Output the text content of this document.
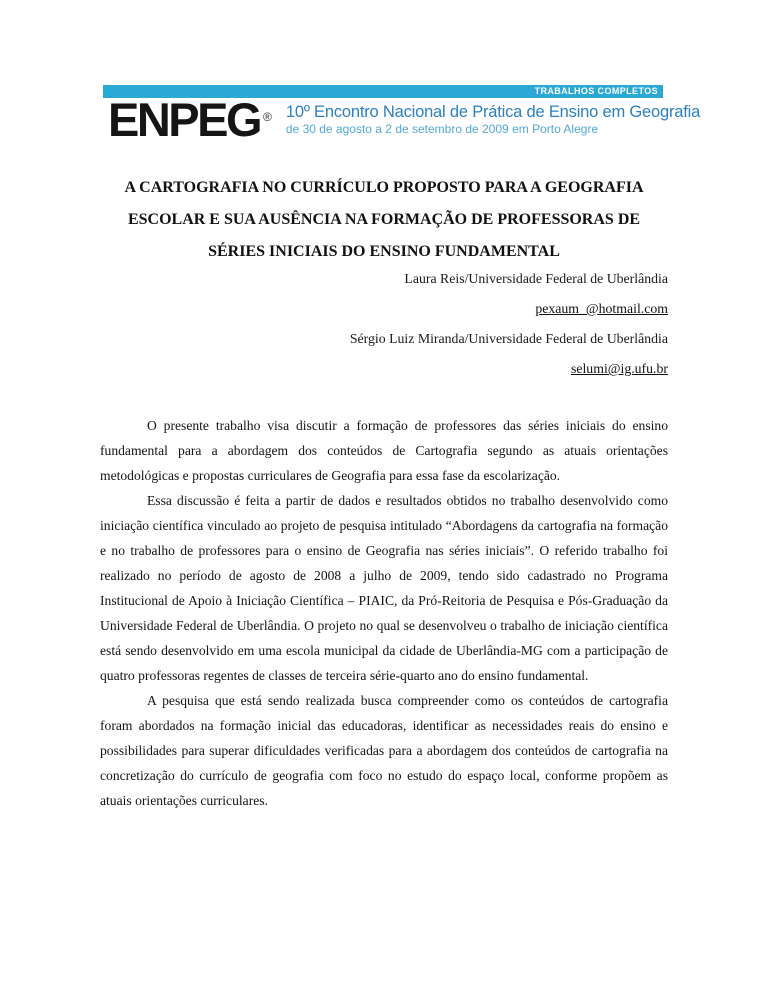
TRABALHOS COMPLETOS
ENPEG ® 10º Encontro Nacional de Prática de Ensino em Geografia
de 30 de agosto a 2 de setembro de 2009 em Porto Alegre
A CARTOGRAFIA NO CURRÍCULO PROPOSTO PARA A GEOGRAFIA
ESCOLAR E SUA AUSÊNCIA NA FORMAÇÃO DE PROFESSORAS DE
SÉRIES INICIAIS DO ENSINO FUNDAMENTAL
Laura Reis/Universidade Federal de Uberlândia
pexaum_@hotmail.com
Sérgio Luiz Miranda/Universidade Federal de Uberlândia
selumi@ig.ufu.br

O presente trabalho visa discutir a formação de professores das séries iniciais do ensino fundamental para a abordagem dos conteúdos de Cartografia segundo as atuais orientações metodológicas e propostas curriculares de Geografia para essa fase da escolarização.

Essa discussão é feita a partir de dados e resultados obtidos no trabalho desenvolvido como iniciação científica vinculado ao projeto de pesquisa intitulado “Abordagens da cartografia na formação e no trabalho de professores para o ensino de Geografia nas séries iniciais”. O referido trabalho foi realizado no período de agosto de 2008 a julho de 2009, tendo sido cadastrado no Programa Institucional de Apoio à Iniciação Científica – PIAIC, da Pró-Reitoria de Pesquisa e Pós-Graduação da Universidade Federal de Uberlândia. O projeto no qual se desenvolveu o trabalho de iniciação científica está sendo desenvolvido em uma escola municipal da cidade de Uberlândia-MG com a participação de quatro professoras regentes de classes de terceira série-quarto ano do ensino fundamental.

A pesquisa que está sendo realizada busca compreender como os conteúdos de cartografia foram abordados na formação inicial das educadoras, identificar as necessidades reais do ensino e possibilidades para superar dificuldades verificadas para a abordagem dos conteúdos de cartografia na concretização do currículo de geografia com foco no estudo do espaço local, conforme propõem as atuais orientações curriculares.
